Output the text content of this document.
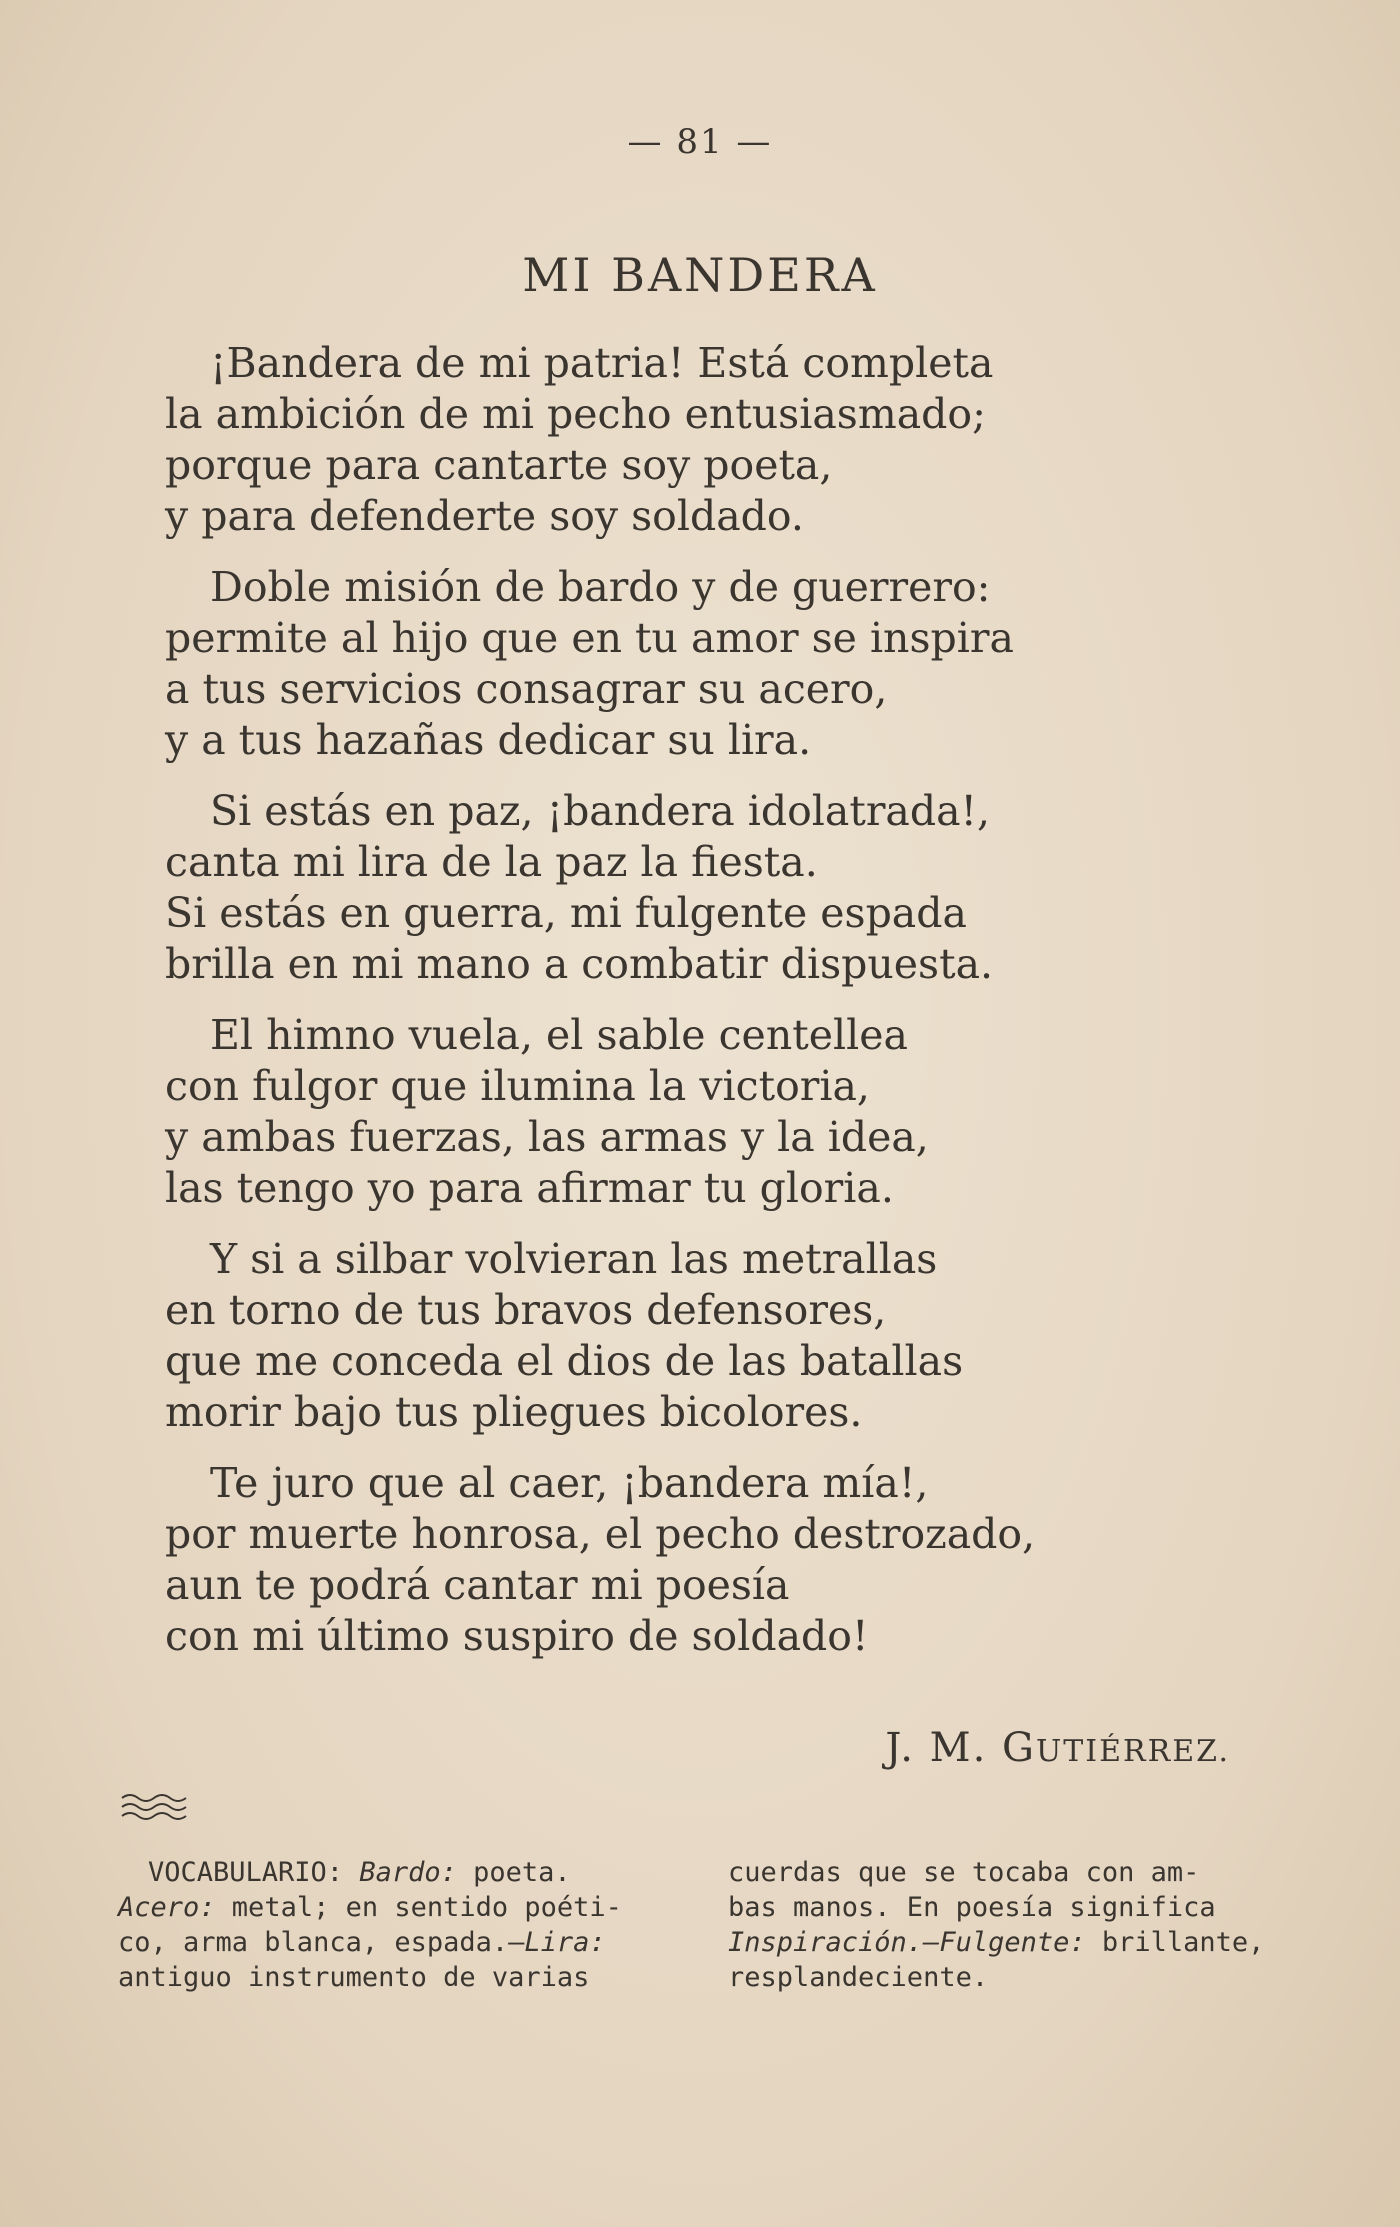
— 81 —
MI BANDERA
¡Bandera de mi patria! Está completa
la ambición de mi pecho entusiasmado;
porque para cantarte soy poeta,
y para defenderte soy soldado.
Doble misión de bardo y de guerrero:
permite al hijo que en tu amor se inspira
a tus servicios consagrar su acero,
y a tus hazañas dedicar su lira.
Si estás en paz, ¡bandera idolatrada!,
canta mi lira de la paz la fiesta.
Si estás en guerra, mi fulgente espada
brilla en mi mano a combatir dispuesta.
El himno vuela, el sable centellea
con fulgor que ilumina la victoria,
y ambas fuerzas, las armas y la idea,
las tengo yo para afirmar tu gloria.
Y si a silbar volvieran las metrallas
en torno de tus bravos defensores,
que me conceda el dios de las batallas
morir bajo tus pliegues bicolores.
Te juro que al caer, ¡bandera mía!,
por muerte honrosa, el pecho destrozado,
aun te podrá cantar mi poesía
con mi último suspiro de soldado!
J. M. GUTIÉRREZ.
VOCABULARIO: Bardo: poeta.
Acero: metal; en sentido poéti-
co, arma blanca, espada.—Lira:
antiguo instrumento de varias
cuerdas que se tocaba con am-
bas manos. En poesía significa
Inspiración.—Fulgente: brillante,
resplandeciente.
